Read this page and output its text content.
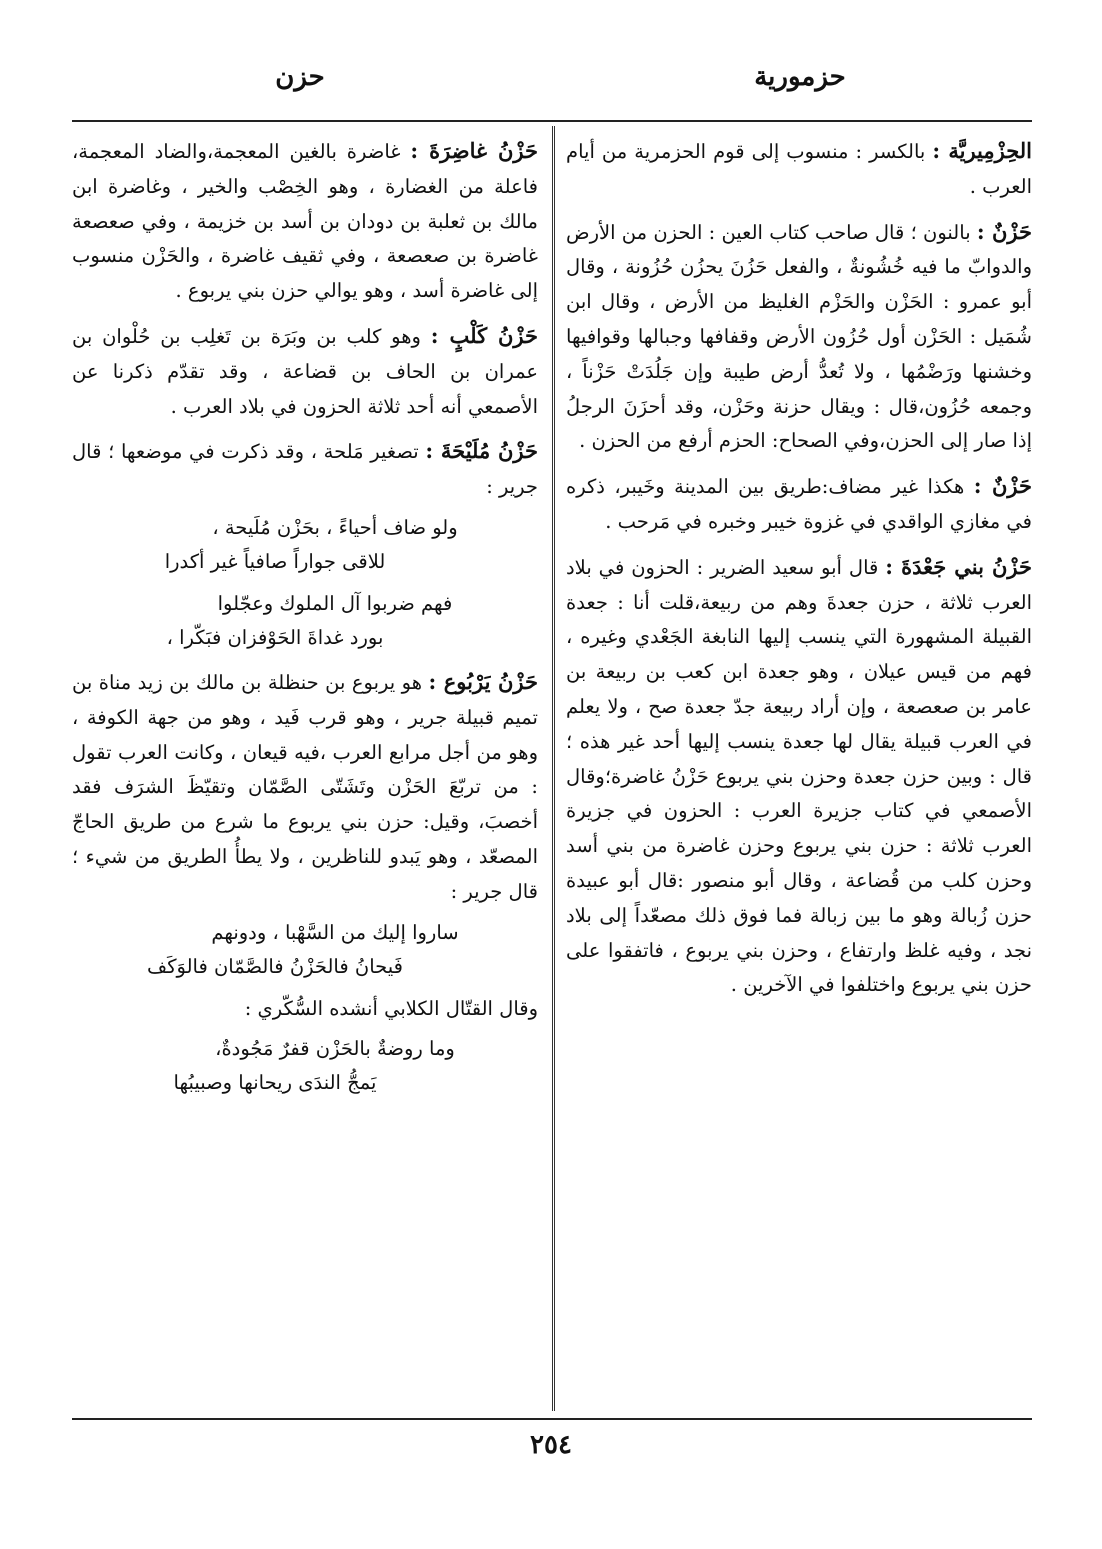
حزمورية
حزن

الحِزْمِيريَّة : بالكسر : منسوب إلى قوم الحزمرية من أيام العرب .

حَزْنٌ : بالنون ؛ قال صاحب كتاب العين : الحزن من الأرض والدوابّ ما فيه خُشُونةٌ ، والفعل حَزُنَ يحزُن حُزُونة ، وقال أبو عمرو : الحَزْن والحَزْم الغليظ من الأرض ، وقال ابن شُمَيل : الحَزْن أول حُزُون الأرض وقفافها وجبالها وقوافيها وخشنها ورَضْمُها ، ولا تُعدُّ أرض طيبة وإن جَلُدَتْ حَزْناً ، وجمعه حُزُون،قال : ويقال حزنة وحَزْن، وقد أحزَنَ الرجلُ إذا صار إلى الحزن،وفي الصحاح: الحزم أرفع من الحزن .

حَزْنٌ : هكذا غير مضاف:طريق بين المدينة وخَيبر، ذكره في مغازي الواقدي في غزوة خيبر وخبره في مَرحب .

حَزْنُ بني جَعْدَةَ : قال أبو سعيد الضرير : الحزون في بلاد العرب ثلاثة ، حزن جعدةَ وهم من ربيعة،قلت أنا : جعدة القبيلة المشهورة التي ينسب إليها النابغة الجَعْدي وغيره ، فهم من قيس عيلان ، وهو جعدة ابن كعب بن ربيعة بن عامر بن صعصعة ، وإن أراد ربيعة جدّ جعدة صح ، ولا يعلم في العرب قبيلة يقال لها جعدة ينسب إليها أحد غير هذه ؛ قال : وبين حزن جعدة وحزن بني يربوع حَزْنُ غاضرة؛وقال الأصمعي في كتاب جزيرة العرب : الحزون في جزيرة العرب ثلاثة : حزن بني يربوع وحزن غاضرة من بني أسد وحزن كلب من قُضاعة ، وقال أبو منصور :قال أبو عبيدة حزن زُبالة وهو ما بين زبالة فما فوق ذلك مصعّداً إلى بلاد نجد ، وفيه غلظ وارتفاع ، وحزن بني يربوع ، فاتفقوا على حزن بني يربوع واختلفوا في الآخرين .

حَزْنُ غاضِرَةَ : غاضرة بالغين المعجمة،والضاد المعجمة، فاعلة من الغضارة ، وهو الخِصْب والخير ، وغاضرة ابن مالك بن ثعلبة بن دودان بن أسد بن خزيمة ، وفي صعصعة غاضرة بن صعصعة ، وفي ثقيف غاضرة ، والحَزْن منسوب إلى غاضرة أسد ، وهو يوالي حزن بني يربوع .

حَزْنُ كَلْبٍ : وهو كلب بن وبَرَة بن تَغلِب بن حُلْوان بن عمران بن الحاف بن قضاعة ، وقد تقدّم ذكرنا عن الأصمعي أنه أحد ثلاثة الحزون في بلاد العرب .

حَزْنُ مُلَيْحَةَ : تصغير مَلحة ، وقد ذكرت في موضعها ؛ قال جرير :

ولو ضاف أحياءً ، بحَزْن مُلَيحة ،
للاقى جواراً صافياً غير أكدرا
فهم ضربوا آل الملوك وعجّلوا
بورد غداةَ الحَوْفزان فبَكّرا ،

حَزْنُ يَرْبُوع : هو يربوع بن حنظلة بن مالك بن زيد مناة بن تميم قبيلة جرير ، وهو قرب فَيد ، وهو من جهة الكوفة ، وهو من أجل مرابع العرب ،فيه قيعان ، وكانت العرب تقول : من تربّعَ الحَزْن وتَشَتّى الصَّمّان وتقيّظَ الشرَف فقد أخصبَ، وقيل: حزن بني يربوع ما شرع من طريق الحاجّ المصعّد ، وهو يَبدو للناظرين ، ولا يطأُ الطريق من شيء ؛ قال جرير :

ساروا إليك من السَّهْبا ، ودونهم
فَيحانُ فالحَزْنُ فالصَّمّان فالوَكَف

وقال القتّال الكلابي أنشده السُّكّري :

وما روضةٌ بالحَزْن قفرٌ مَجُودةٌ،
يَمجُّ الندَى ريحانها وصبيبُها
٢٥٤
